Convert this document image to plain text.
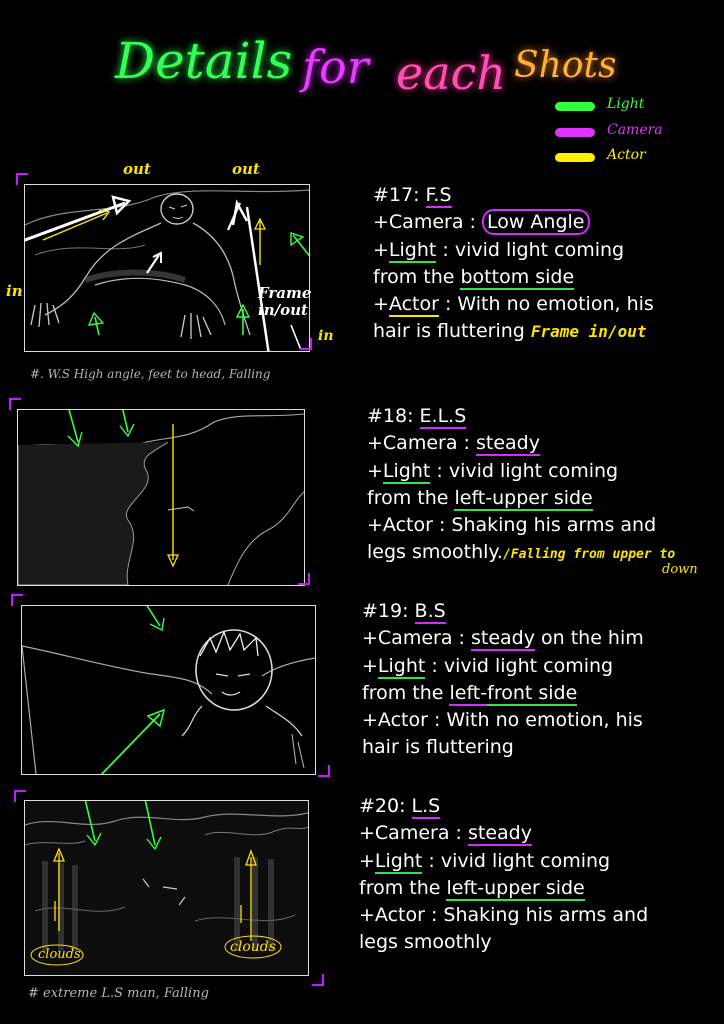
Details for each Shots
Light
Camera
Actor
out	out
in
in
Frame in/out
#. W.S High angle, feet to head, Falling
#17: F.S
+Camera : Low Angle
+Light : vivid light coming
from the bottom side
+Actor : With no emotion, his
hair is fluttering Frame in/out
#18: E.L.S
+Camera : steady
+Light : vivid light coming
from the left-upper side
+Actor : Shaking his arms and
legs smoothly./Falling from upper to
down
#19: B.S
+Camera : steady on the him
+Light : vivid light coming
from the left-front side
+Actor : With no emotion, his
hair is fluttering
clouds	clouds
# extreme L.S man, Falling
#20: L.S
+Camera : steady
+Light : vivid light coming
from the left-upper side
+Actor : Shaking his arms and
legs smoothly
